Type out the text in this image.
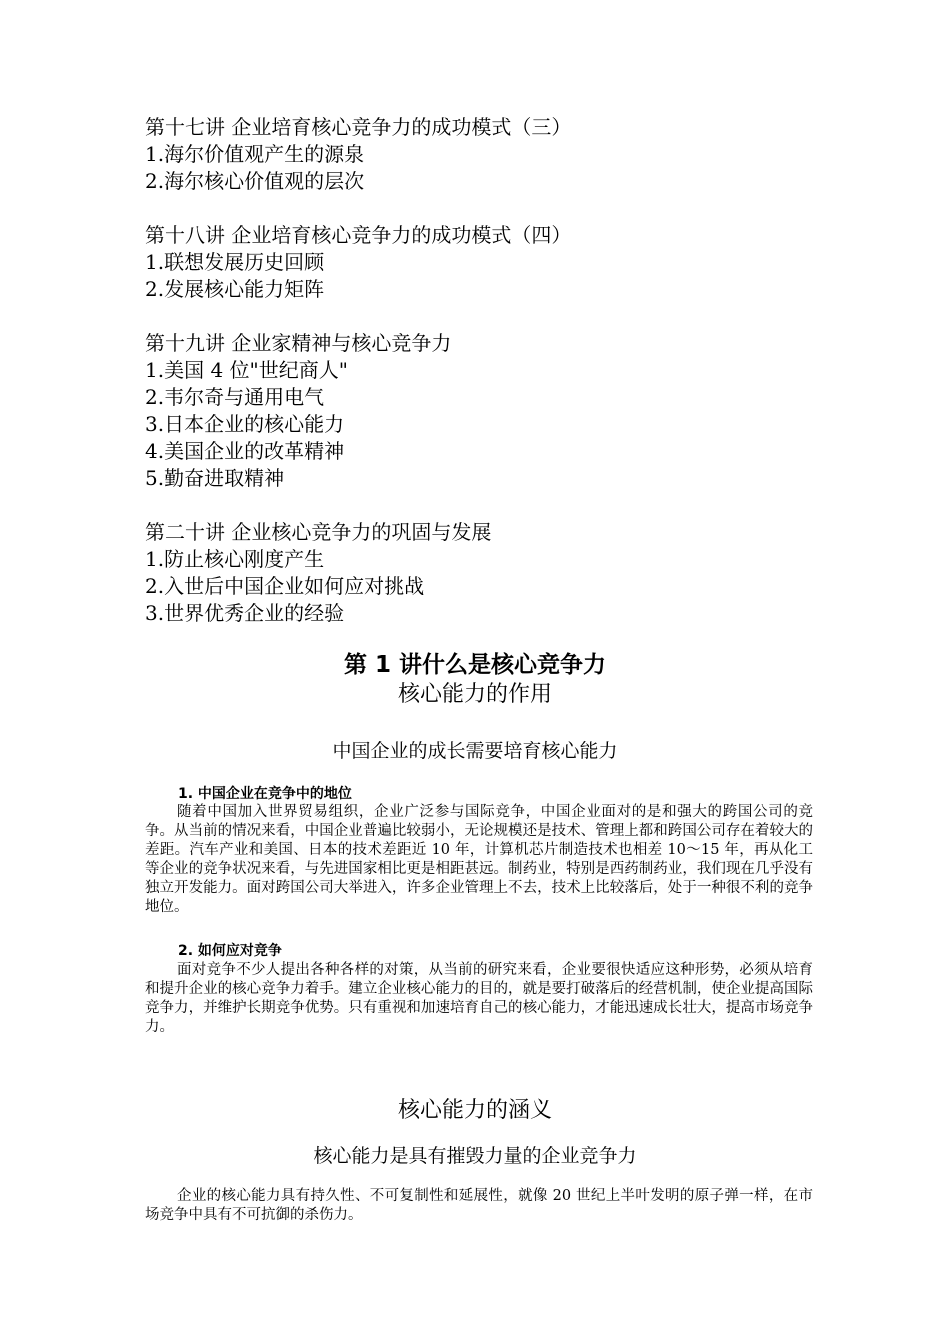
第十七讲 企业培育核心竞争力的成功模式（三）
1.海尔价值观产生的源泉
2.海尔核心价值观的层次
第十八讲 企业培育核心竞争力的成功模式（四）
1.联想发展历史回顾
2.发展核心能力矩阵
第十九讲 企业家精神与核心竞争力
1.美国 4 位"世纪商人"
2.韦尔奇与通用电气
3.日本企业的核心能力
4.美国企业的改革精神
5.勤奋进取精神
第二十讲 企业核心竞争力的巩固与发展
1.防止核心刚度产生
2.入世后中国企业如何应对挑战
3.世界优秀企业的经验
第 1 讲什么是核心竞争力
核心能力的作用
中国企业的成长需要培育核心能力
1. 中国企业在竞争中的地位
随着中国加入世界贸易组织，企业广泛参与国际竞争，中国企业面对的是和强大的跨国公司的竞争。从当前的情况来看，中国企业普遍比较弱小，无论规模还是技术、管理上都和跨国公司存在着较大的差距。汽车产业和美国、日本的技术差距近 10 年，计算机芯片制造技术也相差 10～15 年，再从化工等企业的竞争状况来看，与先进国家相比更是相距甚远。制药业，特别是西药制药业，我们现在几乎没有独立开发能力。面对跨国公司大举进入，许多企业管理上不去，技术上比较落后，处于一种很不利的竞争地位。
2. 如何应对竞争
面对竞争不少人提出各种各样的对策，从当前的研究来看，企业要很快适应这种形势，必须从培育和提升企业的核心竞争力着手。建立企业核心能力的目的，就是要打破落后的经营机制，使企业提高国际竞争力，并维护长期竞争优势。只有重视和加速培育自己的核心能力，才能迅速成长壮大，提高市场竞争力。
核心能力的涵义
核心能力是具有摧毁力量的企业竞争力
企业的核心能力具有持久性、不可复制性和延展性，就像 20 世纪上半叶发明的原子弹一样，在市场竞争中具有不可抗御的杀伤力。
